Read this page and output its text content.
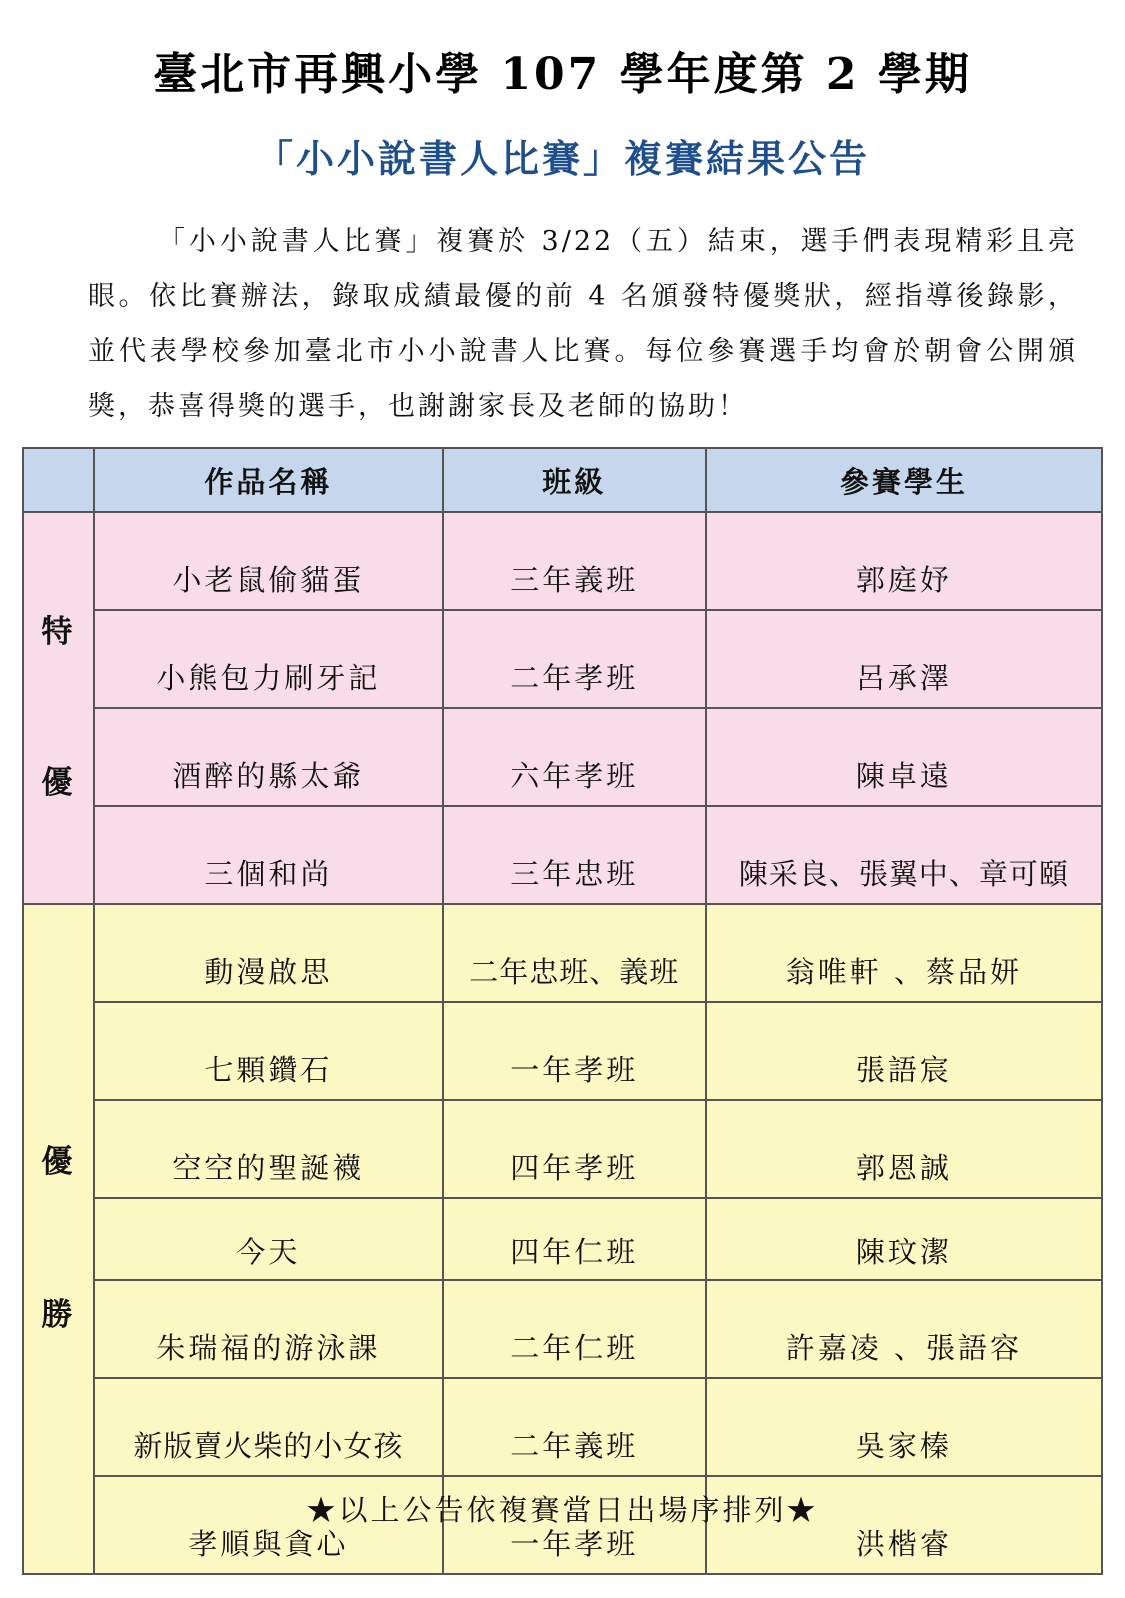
臺北市再興小學 107 學年度第 2 學期
「小小說書人比賽」複賽結果公告
「小小說書人比賽」複賽於 3/22（五）結束，選手們表現精彩且亮眼。依比賽辦法，錄取成績最優的前 4 名頒發特優獎狀，經指導後錄影，並代表學校參加臺北市小小說書人比賽。每位參賽選手均會於朝會公開頒獎，恭喜得獎的選手，也謝謝家長及老師的協助！
	作品名稱	班級	參賽學生

特
優	小老鼠偷貓蛋	三年義班	郭庭妤
	小熊包力刷牙記	二年孝班	呂承澤
	酒醉的縣太爺	六年孝班	陳卓遠
	三個和尚	三年忠班	陳采良、張翼中、章可頤

優
勝	動漫啟思	二年忠班、義班	翁唯軒 、蔡品妍
	七顆鑽石	一年孝班	張語宸
	空空的聖誕襪	四年孝班	郭恩誠
	今天	四年仁班	陳玟潔
	朱瑞福的游泳課	二年仁班	許嘉凌 、張語容
	新版賣火柴的小女孩	二年義班	吳家榛
	孝順與貪心	一年孝班	洪楷睿
★以上公告依複賽當日出場序排列★
